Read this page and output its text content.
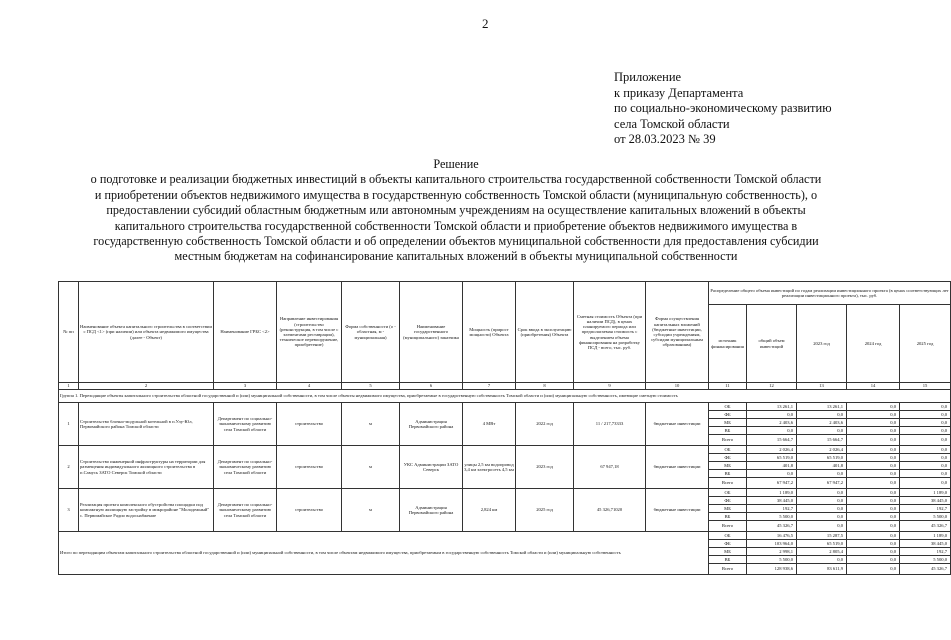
2
Приложение
к приказу Департамента
по социально-экономическому развитию
села Томской области
от 28.03.2023 № 39
Решение
о подготовке и реализации бюджетных инвестиций в объекты капитального строительства государственной собственности Томской области
и приобретении объектов недвижимого имущества в государственную собственность Томской области (муниципальную собственность), о
предоставлении субсидий областным бюджетным или автономным учреждениям на осуществление капитальных вложений в объекты
капитального строительства государственной собственности Томской области и приобретение объектов недвижимого имущества в
государственную собственность Томской области и об определении объектов муниципальной собственности для предоставления субсидии
местным бюджетам на софинансирование капитальных вложений в объекты муниципальной собственности
№ пп	Наименование объекта капитального строительства в соответствии с ПСД <1> (при наличии) или объекта недвижимого имущества (далее - Объект)	Наименование ГРБС <2>	Направление инвестирования (строительство (реконструкция, в том числе с элементами реставрации), техническое перевооружение, приобретение)	Форма собственности (о - областная, м - муниципальная)	Наименование государственного (муниципального) заказчика	Мощность (прирост мощности) Объекта	Срок ввода в эксплуатацию (приобретения) Объекта	Сметная стоимость Объекта (при наличии ПСД), в ценах планируемого периода или предполагаемая стоимость с выделением объема финансирования на разработку ПСД - всего, тыс. руб.	Форма осуществления капитальных вложений (бюджетные инвестиции, субсидии учреждениям, субсидии муниципальным образованиям)	Распределение общего объема инвестиций по годам реализации инвестиционного проекта (в ценах соответствующих лет реализации инвестиционного проекта), тыс. руб.				
										источник финансирования	общий объем инвестиций	2023 год	2024 год	2025 год
1	2	3	4	5	6	7	8	9	10	11	12	13	14	15
Группа 1. Переходящие объекты капитального строительства областной государственной и (или) муниципальной собственности, в том числе объекты недвижимого имущества, приобретаемые в государственную собственность Томской области и (или) муниципальную собственность, имеющие сметную стоимость														
1	Строительство блочно-модульной котельной в п.Улу-Юл, Первомайского района Томской области	Департамент по социально-экономическому развитию села Томской области	строительство	м	Администрация Первомайского района	4 МВт	2022 год	11 / 217,73333	бюджетные инвестиции	ОБ	13 261,1	13 261,1	0,0	0,0
										ФБ	0,0	0,0	0,0	0,0
										МБ	2 403,6	2 403,6	0,0	0,0
										ВБ	0,0	0,0	0,0	0,0
										Всего	15 664,7	15 664,7	0,0	0,0
2	Строительство инженерной инфраструктуры на территории для размещения индивидуального жилищного строительства в п.Самусь ЗАТО Северск Томской области	Департамент по социально-экономическому развитию села Томской области	строительство	м	УКС Администрации ЗАТО Северск	улицы 2,5 км водопровод 3,4 км электросеть 4,5 км	2023 год	67 947,18	бюджетные инвестиции	ОБ	2 026,4	2 026,4	0,0	0,0
										ФБ	65 519,0	65 519,0	0,0	0,0
										МБ	401,8	401,8	0,0	0,0
										ВБ	0,0	0,0	0,0	0,0
										Всего	67 947,2	67 947,2	0,0	0,0
3	Реализация проекта комплексного обустройства площадки под компактную жилищную застройку в микрорайоне "Молодежный" с. Первомайское Радио водоснабжение	Департамент по социально-экономическому развитию села Томской области	строительство	м	Администрация Первомайского района	2,824 км	2025 год	45 326,71020	бюджетные инвестиции	ОБ	1 189,0	0,0	0,0	1 189,0
										ФБ	38 445,0	0,0	0,0	38 445,0
										МБ	192,7	0,0	0,0	192,7
										ВБ	5 500,0	0,0	0,0	5 500,0
										Всего	45 326,7	0,0	0,0	45 326,7
Итого по переходящим объектам капитального строительства областной государственной и (или) муниципальной собственности, в том числе объектам недвижимого имущества, приобретаемым в государственную собственность Томской области и (или) муниципальную собственность										ОБ	16 476,5	15 287,5	0,0	1 189,0
										ФБ	103 964,0	65 519,0	0,0	38 445,0
										МБ	2 998,1	2 805,4	0,0	192,7
										ВБ	5 500,0	0,0	0,0	5 500,0
										Всего	128 938,6	83 611,9	0,0	45 326,7
